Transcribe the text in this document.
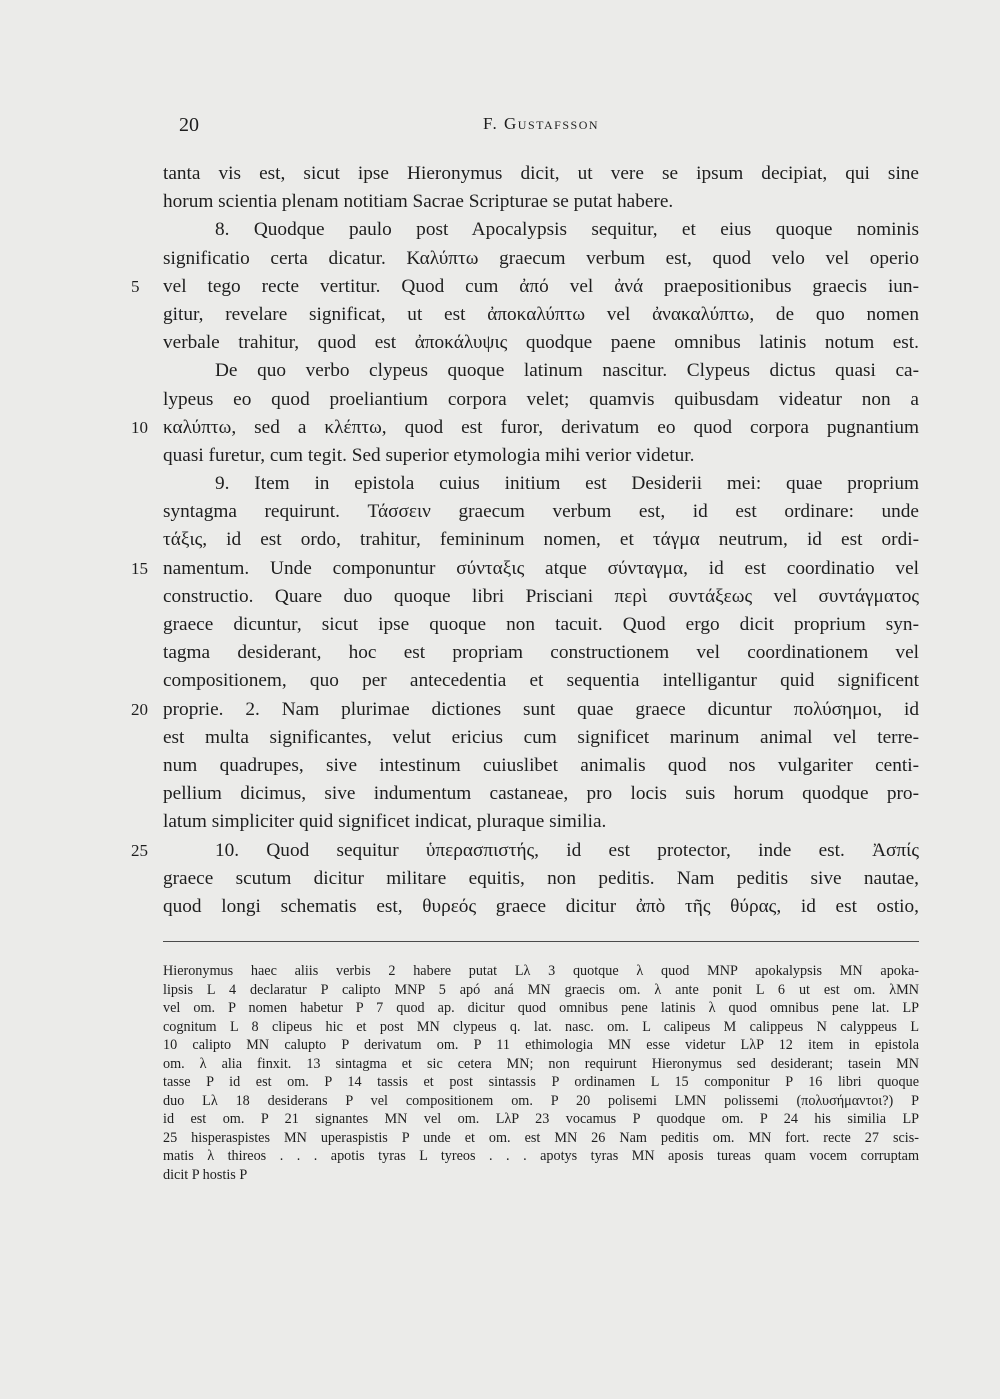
20	F. Gustafsson
tanta vis est, sicut ipse Hieronymus dicit, ut vere se ipsum decipiat, qui sine
horum scientia plenam notitiam Sacrae Scripturae se putat habere.
8. Quodque paulo post Apocalypsis sequitur, et eius quoque nominis
significatio certa dicatur. Καλύπτω graecum verbum est, quod velo vel operio
5 vel tego recte vertitur. Quod cum ἀπό vel ἀνά praepositionibus graecis iun-
gitur, revelare significat, ut est ἀποκαλύπτω vel ἀνακαλύπτω, de quo nomen
verbale trahitur, quod est ἀποκάλυψις quodque paene omnibus latinis notum est.
De quo verbo clypeus quoque latinum nascitur. Clypeus dictus quasi ca-
lypeus eo quod proeliantium corpora velet; quamvis quibusdam videatur non a
10 καλύπτω, sed a κλέπτω, quod est furor, derivatum eo quod corpora pugnantium
quasi furetur, cum tegit. Sed superior etymologia mihi verior videtur.
9. Item in epistola cuius initium est Desiderii mei: quae proprium
syntagma requirunt. Τάσσειν graecum verbum est, id est ordinare: unde
τάξις, id est ordo, trahitur, femininum nomen, et τάγμα neutrum, id est ordi-
15 namentum. Unde componuntur σύνταξις atque σύνταγμα, id est coordinatio vel
constructio. Quare duo quoque libri Prisciani περὶ συντάξεως vel συντάγματος
graece dicuntur, sicut ipse quoque non tacuit. Quod ergo dicit proprium syn-
tagma desiderant, hoc est propriam constructionem vel coordinationem vel
compositionem, quo per antecedentia et sequentia intelligantur quid significent
20 proprie. 2. Nam plurimae dictiones sunt quae graece dicuntur πολύσημοι, id
est multa significantes, velut ericius cum significet marinum animal vel terre-
num quadrupes, sive intestinum cuiuslibet animalis quod nos vulgariter centi-
pellium dicimus, sive indumentum castaneae, pro locis suis horum quodque pro-
latum simpliciter quid significet indicat, pluraque similia.
25	10. Quod sequitur ὑπερασπιστής, id est protector, inde est. Ἀσπίς
graece scutum dicitur militare equitis, non peditis. Nam peditis sive nautae,
quod longi schematis est, θυρεός graece dicitur ἀπὸ τῆς θύρας, id est ostio,
Hieronymus haec aliis verbis 2 habere putat Lλ 3 quotque λ quod MNP apokalypsis MN apoka-
lipsis L 4 declaratur P calipto MNP 5 apó aná MN graecis om. λ ante ponit L 6 ut est om. λMN
vel om. P nomen habetur P 7 quod ap. dicitur quod omnibus pene latinis λ quod omnibus pene lat. LP
cognitum L 8 clipeus hic et post MN clypeus q. lat. nasc. om. L calipeus M calippeus N calyppeus L
10 calipto MN calupto P derivatum om. P 11 ethimologia MN esse videtur LλP 12 item in epistola
om. λ alia finxit. 13 sintagma et sic cetera MN; non requirunt Hieronymus sed desiderant; tasein MN
tasse P id est om. P 14 tassis et post sintassis P ordinamen L 15 componitur P 16 libri quoque
duo Lλ 18 desiderans P vel compositionem om. P 20 polisemi LMN polissemi (πολυσήμαντοι?) P
id est om. P 21 signantes MN vel om. LλP 23 vocamus P quodque om. P 24 his similia LP
25 hisperaspistes MN uperaspistis P unde et om. est MN 26 Nam peditis om. MN fort. recte 27 scis-
matis λ thireos . . . apotis tyras L tyreos . . . apotys tyras MN aposis tureas quam vocem corruptam
dicit P hostis P
